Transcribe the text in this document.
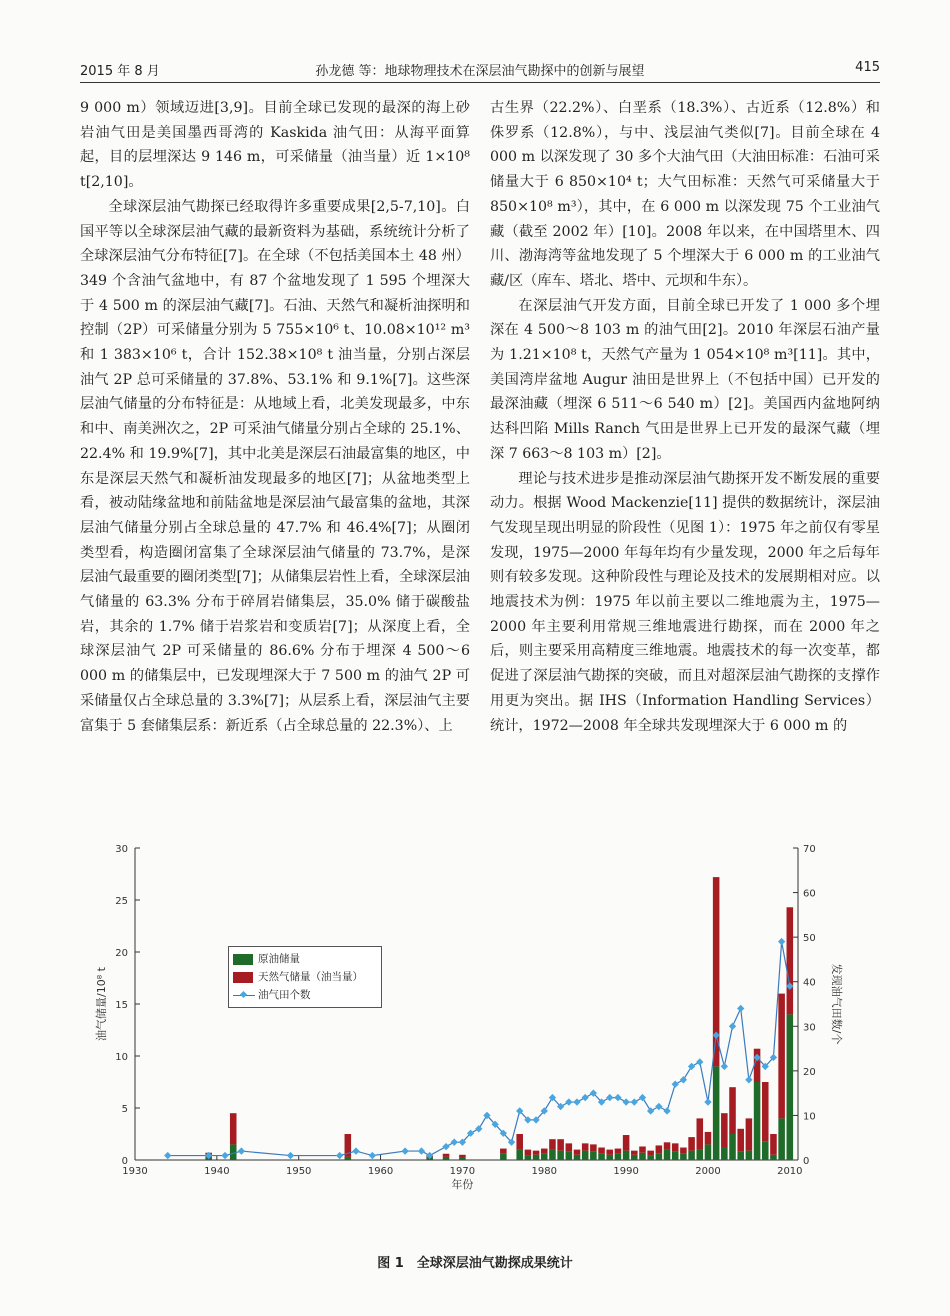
2015 年 8 月	孙龙德 等：地球物理技术在深层油气勘探中的创新与展望	415

9 000 m）领域迈进[3,9]。目前全球已发现的最深的海上砂岩油气田是美国墨西哥湾的 Kaskida 油气田：从海平面算起，目的层埋深达 9 146 m，可采储量（油当量）近 1×10⁸ t[2,10]。

全球深层油气勘探已经取得许多重要成果[2,5-7,10]。白国平等以全球深层油气藏的最新资料为基础，系统统计分析了全球深层油气分布特征[7]。在全球（不包括美国本土 48 州）349 个含油气盆地中，有 87 个盆地发现了 1 595 个埋深大于 4 500 m 的深层油气藏[7]。石油、天然气和凝析油探明和控制（2P）可采储量分别为 5 755×10⁶ t、10.08×10¹² m³ 和 1 383×10⁶ t，合计 152.38×10⁸ t 油当量，分别占深层油气 2P 总可采储量的 37.8%、53.1% 和 9.1%[7]。这些深层油气储量的分布特征是：从地域上看，北美发现最多，中东和中、南美洲次之，2P 可采油气储量分别占全球的 25.1%、22.4% 和 19.9%[7]，其中北美是深层石油最富集的地区，中东是深层天然气和凝析油发现最多的地区[7]；从盆地类型上看，被动陆缘盆地和前陆盆地是深层油气最富集的盆地，其深层油气储量分别占全球总量的 47.7% 和 46.4%[7]；从圈闭类型看，构造圈闭富集了全球深层油气储量的 73.7%，是深层油气最重要的圈闭类型[7]；从储集层岩性上看，全球深层油气储量的 63.3% 分布于碎屑岩储集层，35.0% 储于碳酸盐岩，其余的 1.7% 储于岩浆岩和变质岩[7]；从深度上看，全球深层油气 2P 可采储量的 86.6% 分布于埋深 4 500～6 000 m 的储集层中，已发现埋深大于 7 500 m 的油气 2P 可采储量仅占全球总量的 3.3%[7]；从层系上看，深层油气主要富集于 5 套储集层系：新近系（占全球总量的 22.3%）、上

古生界（22.2%）、白垩系（18.3%）、古近系（12.8%）和侏罗系（12.8%），与中、浅层油气类似[7]。目前全球在 4 000 m 以深发现了 30 多个大油气田（大油田标准：石油可采储量大于 6 850×10⁴ t；大气田标准：天然气可采储量大于 850×10⁸ m³），其中，在 6 000 m 以深发现 75 个工业油气藏（截至 2002 年）[10]。2008 年以来，在中国塔里木、四川、渤海湾等盆地发现了 5 个埋深大于 6 000 m 的工业油气藏/区（库车、塔北、塔中、元坝和牛东）。

在深层油气开发方面，目前全球已开发了 1 000 多个埋深在 4 500～8 103 m 的油气田[2]。2010 年深层石油产量为 1.21×10⁸ t，天然气产量为 1 054×10⁸ m³[11]。其中，美国湾岸盆地 Augur 油田是世界上（不包括中国）已开发的最深油藏（埋深 6 511～6 540 m）[2]。美国西内盆地阿纳达科凹陷 Mills Ranch 气田是世界上已开发的最深气藏（埋深 7 663～8 103 m）[2]。

理论与技术进步是推动深层油气勘探开发不断发展的重要动力。根据 Wood Mackenzie[11] 提供的数据统计，深层油气发现呈现出明显的阶段性（见图 1）：1975 年之前仅有零星发现，1975—2000 年每年均有少量发现，2000 年之后每年则有较多发现。这种阶段性与理论及技术的发展期相对应。以地震技术为例：1975 年以前主要以二维地震为主，1975—2000 年主要利用常规三维地震进行勘探，而在 2000 年之后，则主要采用高精度三维地震。地震技术的每一次变革，都促进了深层油气勘探的突破，而且对超深层油气勘探的支撑作用更为突出。据 IHS（Information Handling Services）统计，1972—2008 年全球共发现埋深大于 6 000 m 的

0
5
10
15
20
25
30
0
10
20
30
40
50
60
70
1930	1940	1950	1960	1970	1980	1990	2000	2010
油气储量/10⁸ t	发现油气田数/个
年份
原油储量
天然气储量（油当量）
油气田个数
图 1　全球深层油气勘探成果统计
